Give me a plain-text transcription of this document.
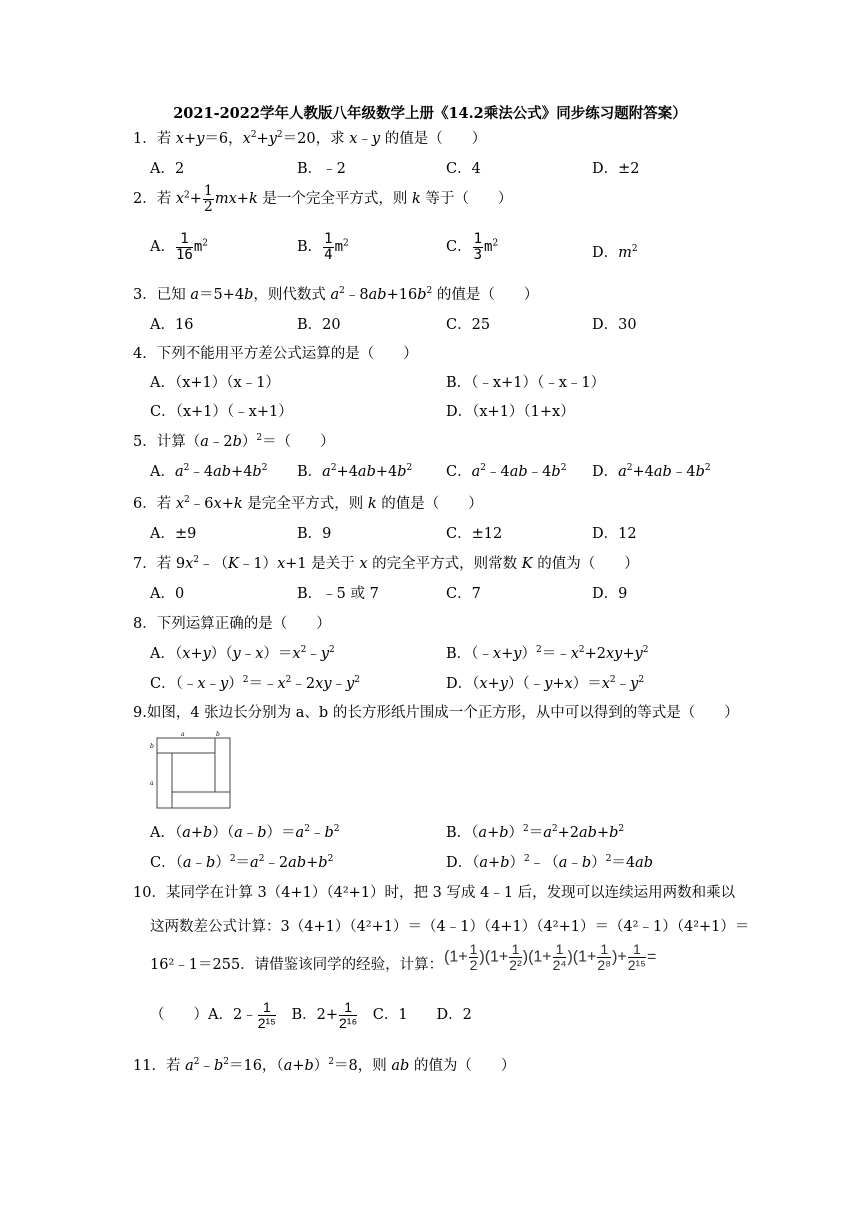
2021-2022学年人教版八年级数学上册《14.2乘法公式》同步练习题附答案）
1．若 x+y＝6，$x^2+y^2=20$，求 x﹣y 的值是（　　）
A．2	B．﹣2	C．4	D．±2
2．若 $x^2+ \frac{1}{2} mx+k$ 是一个完全平方式，则 k 等于（　　）
A． $\frac{1}{16} m^2$	B． $\frac{1}{4} m^2$	C． $\frac{1}{3} m^2$
D．$m^2$
3．已知 a＝5+4b，则代数式 $a^2﹣8ab+16b^2$ 的值是（　　）
A．16	B．20	C．25	D．30
4．下列不能用平方差公式运算的是（　　）
A．（x+1）（x﹣1）	B．（﹣x+1）（﹣x﹣1）
C．（x+1）（﹣x+1）	D．（x+1）（1+x）
5．计算（a﹣2b）$^2$＝（　　）
A．$a^2﹣4ab+4b^2$ B．$a^2+4ab+4b^2$ C．$a^2﹣4ab﹣4b^2$ D．$a^2+4ab﹣4b^2$
6．若 $x^2﹣6x+k$ 是完全平方式，则 k 的值是（　　）
A．±9	B．9	C．±12	D．12
7．若 $9x^2﹣(K﹣1)x+1$ 是关于 x 的完全平方式，则常数 K 的值为（　　）
A．0	B．﹣5 或 7	C．7	D．9
8．下列运算正确的是（　　）
A．$(x+y)(y﹣x)=x^2﹣y^2$	B．$(﹣x+y)^2=﹣x^2+2xy+y^2$
C．$(﹣x﹣y)^2=﹣x^2﹣2xy﹣y^2$	D．$(x+y)(﹣y+x)=x^2﹣y^2$
9.如图，4 张边长分别为 a、b 的长方形纸片围成一个正方形，从中可以得到的等式是（　　）
a	b
b
a
A．$(a+b)(a﹣b)=a^2﹣b^2$	B．$(a+b)^2=a^2+2ab+b^2$
C．$(a﹣b)^2=a^2﹣2ab+b^2$	D．$(a+b)^2﹣(a﹣b)^2=4ab$
10．某同学在计算 3（4+1）（4²+1）时，把 3 写成 4﹣1 后，发现可以连续运用两数和乘以
这两数差公式计算：3（4+1）（4²+1）＝（4﹣1）（4+1）（4²+1）＝（4²﹣1）（4²+1）＝
16²﹣1＝255．请借鉴该同学的经验，计算： $(1+ \frac{1}{2} )(1+ \frac{1}{\text{2²}} )(1+ \frac{1}{\text{2⁴}} )(1+ \frac{1}{\text{2⁸}}$ )+ $\frac{1}{\text{2¹⁵}}$ =
（　　）A．2﹣ $\frac{1}{\text{2¹⁵}}$
　 B．$2+ \frac{1}{\text{2¹⁶}}$
　 C．1　　 D．2
11．若 $a^2﹣b^2=16$，$(a+b)^2=8$，则 ab 的值为（　　）
